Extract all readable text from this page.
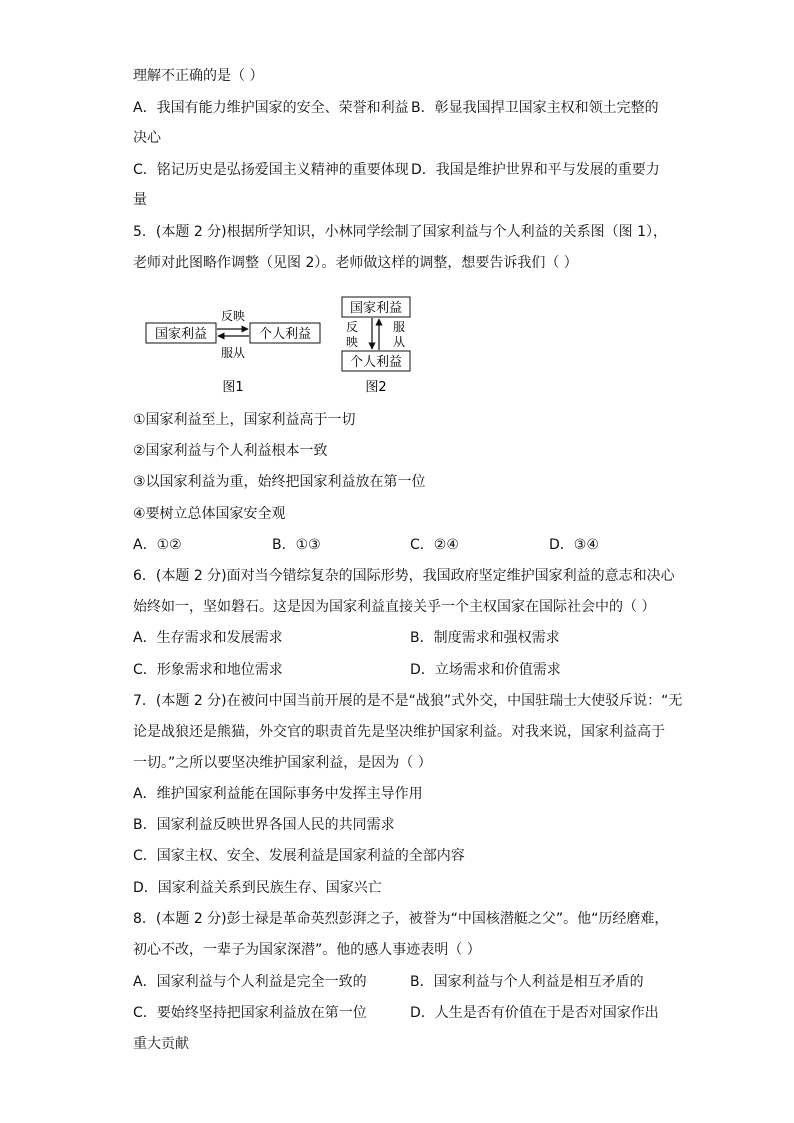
理解不正确的是（ ）
A．我国有能力维护国家的安全、荣誉和利益 B．彰显我国捍卫国家主权和领土完整的
决心
C．铭记历史是弘扬爱国主义精神的重要体现 D．我国是维护世界和平与发展的重要力
量
5．(本题 2 分)根据所学知识，小林同学绘制了国家利益与个人利益的关系图（图 1），
老师对此图略作调整（见图 2）。老师做这样的调整，想要告诉我们（ ）
国家利益	个人利益
反映
服从
图1
国家利益
个人利益
反
映
服
从
图2
①国家利益至上，国家利益高于一切
②国家利益与个人利益根本一致
③以国家利益为重，始终把国家利益放在第一位
④要树立总体国家安全观
A．①②	B．①③	C．②④	D．③④
6．(本题 2 分)面对当今错综复杂的国际形势，我国政府坚定维护国家利益的意志和决心
始终如一，坚如磐石。这是因为国家利益直接关乎一个主权国家在国际社会中的（ ）
A．生存需求和发展需求	B．制度需求和强权需求
C．形象需求和地位需求	D．立场需求和价值需求
7．(本题 2 分)在被问中国当前开展的是不是“战狼”式外交，中国驻瑞士大使驳斥说：“无
论是战狼还是熊猫，外交官的职责首先是坚决维护国家利益。对我来说，国家利益高于
一切。”之所以要坚决维护国家利益，是因为（ ）
A．维护国家利益能在国际事务中发挥主导作用
B．国家利益反映世界各国人民的共同需求
C．国家主权、安全、发展利益是国家利益的全部内容
D．国家利益关系到民族生存、国家兴亡
8．(本题 2 分)彭士禄是革命英烈彭湃之子，被誉为“中国核潜艇之父”。他“历经磨难，
初心不改，一辈子为国家深潜”。他的感人事迹表明（ ）
A．国家利益与个人利益是完全一致的	B．国家利益与个人利益是相互矛盾的
C．要始终坚持把国家利益放在第一位	D．人生是否有价值在于是否对国家作出
重大贡献
